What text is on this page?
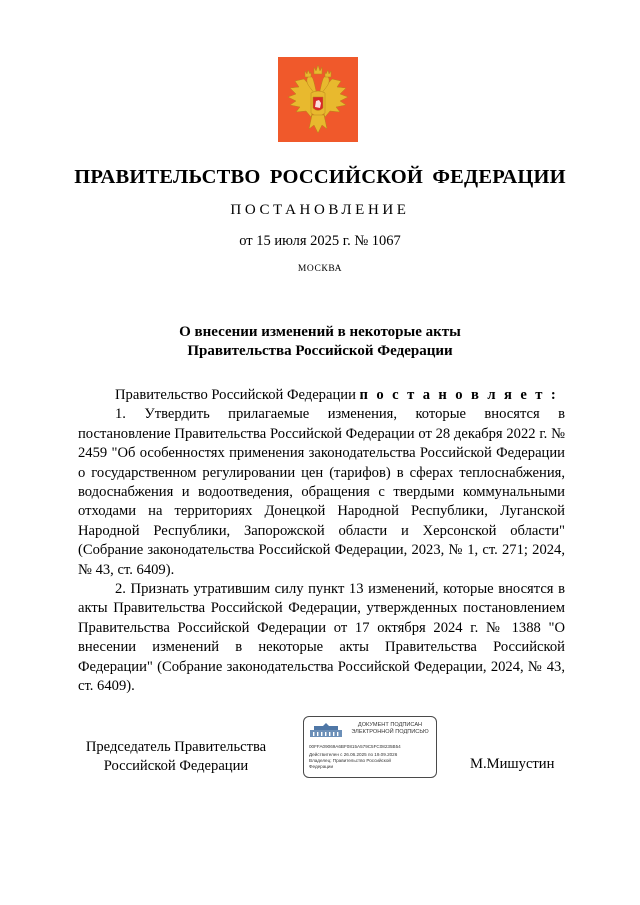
ПРАВИТЕЛЬСТВО РОССИЙСКОЙ ФЕДЕРАЦИИ
ПОСТАНОВЛЕНИЕ
от 15 июля 2025 г. № 1067
МОСКВА
О внесении изменений в некоторые акты
Правительства Российской Федерации

Правительство Российской Федерации п о с т а н о в л я е т :

1. Утвердить прилагаемые изменения, которые вносятся в постановление Правительства Российской Федерации от 28 декабря 2022 г. № 2459 "Об особенностях применения законодательства Российской Федерации о государственном регулировании цен (тарифов) в сферах теплоснабжения, водоснабжения и водоотведения, обращения с твердыми коммунальными отходами на территориях Донецкой Народной Республики, Луганской Народной Республики, Запорожской области и Херсонской области" (Собрание законодательства Российской Федерации, 2023, № 1, ст. 271; 2024, № 43, ст. 6409).

2. Признать утратившим силу пункт 13 изменений, которые вносятся в акты Правительства Российской Федерации, утвержденных постановлением Правительства Российской Федерации от 17 октября 2024 г. № 1388 "О внесении изменений в некоторые акты Правительства Российской Федерации" (Собрание законодательства Российской Федерации, 2024, № 43, ст. 6409).

Председатель Правительства
Российской Федерации
ДОКУМЕНТ ПОДПИСАН
ЭЛЕКТРОННОЙ ПОДПИСЬЮ
00FFA09069A6BF0815A579C5FC08235B54
Действителен с 26.06.2025 по 19.09.2026
Владелец: Правительство Российской
Федерации	М.Мишустин
